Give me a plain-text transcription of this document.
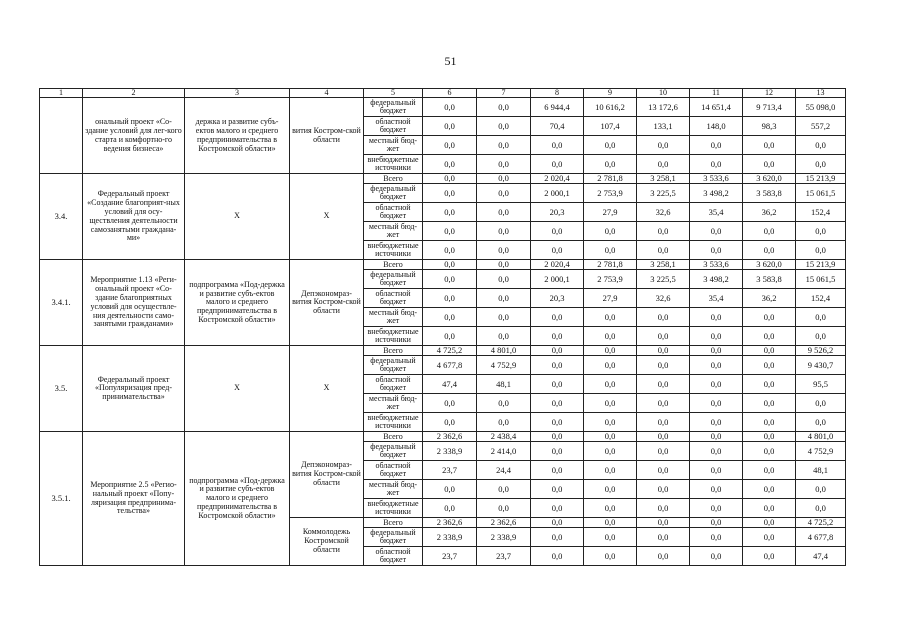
51
1	2	3	4	5	6	7	8	9	10	11	12	13
	ональный проект «Со-здание условий для лег-кого старта и комфортно-го ведения бизнеса»	держка и развитие субъ-ектов малого и среднего предпринимательства в Костромской области»	вития Костром-ской области	федеральный бюджет	0,0	0,0	6 944,4	10 616,2	13 172,6	14 651,4	9 713,4	55 098,0
				областной бюджет	0,0	0,0	70,4	107,4	133,1	148,0	98,3	557,2
				местный бюд-жет	0,0	0,0	0,0	0,0	0,0	0,0	0,0	0,0
				внебюджетные источники	0,0	0,0	0,0	0,0	0,0	0,0	0,0	0,0
3.4.	Федеральный проект «Создание благоприят-ных условий для осу-ществления деятельности самозанятыми граждана-ми»	X	X	Всего	0,0	0,0	2 020,4	2 781,8	3 258,1	3 533,6	3 620,0	15 213,9
				федеральный бюджет	0,0	0,0	2 000,1	2 753,9	3 225,5	3 498,2	3 583,8	15 061,5
				областной бюджет	0,0	0,0	20,3	27,9	32,6	35,4	36,2	152,4
				местный бюд-жет	0,0	0,0	0,0	0,0	0,0	0,0	0,0	0,0
				внебюджетные источники	0,0	0,0	0,0	0,0	0,0	0,0	0,0	0,0
3.4.1.	Мероприятие 1.13 «Реги-ональный проект «Со-здание благоприятных условий для осуществле-ния деятельности само-занятыми гражданами»	подпрограмма «Под-держка и развитие субъ-ектов малого и среднего предпринимательства в Костромской области»	Депэкономраз-вития Костром-ской области	Всего	0,0	0,0	2 020,4	2 781,8	3 258,1	3 533,6	3 620,0	15 213,9
				федеральный бюджет	0,0	0,0	2 000,1	2 753,9	3 225,5	3 498,2	3 583,8	15 061,5
				областной бюджет	0,0	0,0	20,3	27,9	32,6	35,4	36,2	152,4
				местный бюд-жет	0,0	0,0	0,0	0,0	0,0	0,0	0,0	0,0
				внебюджетные источники	0,0	0,0	0,0	0,0	0,0	0,0	0,0	0,0
3.5.	Федеральный проект «Популяризация пред-принимательства»	X	X	Всего	4 725,2	4 801,0	0,0	0,0	0,0	0,0	0,0	9 526,2
				федеральный бюджет	4 677,8	4 752,9	0,0	0,0	0,0	0,0	0,0	9 430,7
				областной бюджет	47,4	48,1	0,0	0,0	0,0	0,0	0,0	95,5
				местный бюд-жет	0,0	0,0	0,0	0,0	0,0	0,0	0,0	0,0
				внебюджетные источники	0,0	0,0	0,0	0,0	0,0	0,0	0,0	0,0
3.5.1.	Мероприятие 2.5 «Регио-нальный проект «Попу-ляризация предпринима-тельства»	подпрограмма «Под-держка и развитие субъ-ектов малого и среднего предпринимательства в Костромской области»	Депэкономраз-вития Костром-ской области	Всего	2 362,6	2 438,4	0,0	0,0	0,0	0,0	0,0	4 801,0
				федеральный бюджет	2 338,9	2 414,0	0,0	0,0	0,0	0,0	0,0	4 752,9
				областной бюджет	23,7	24,4	0,0	0,0	0,0	0,0	0,0	48,1
				местный бюд-жет	0,0	0,0	0,0	0,0	0,0	0,0	0,0	0,0
				внебюджетные источники	0,0	0,0	0,0	0,0	0,0	0,0	0,0	0,0
			Коммолодежь Костромской области	Всего	2 362,6	2 362,6	0,0	0,0	0,0	0,0	0,0	4 725,2
				федеральный бюджет	2 338,9	2 338,9	0,0	0,0	0,0	0,0	0,0	4 677,8
				областной бюджет	23,7	23,7	0,0	0,0	0,0	0,0	0,0	47,4
